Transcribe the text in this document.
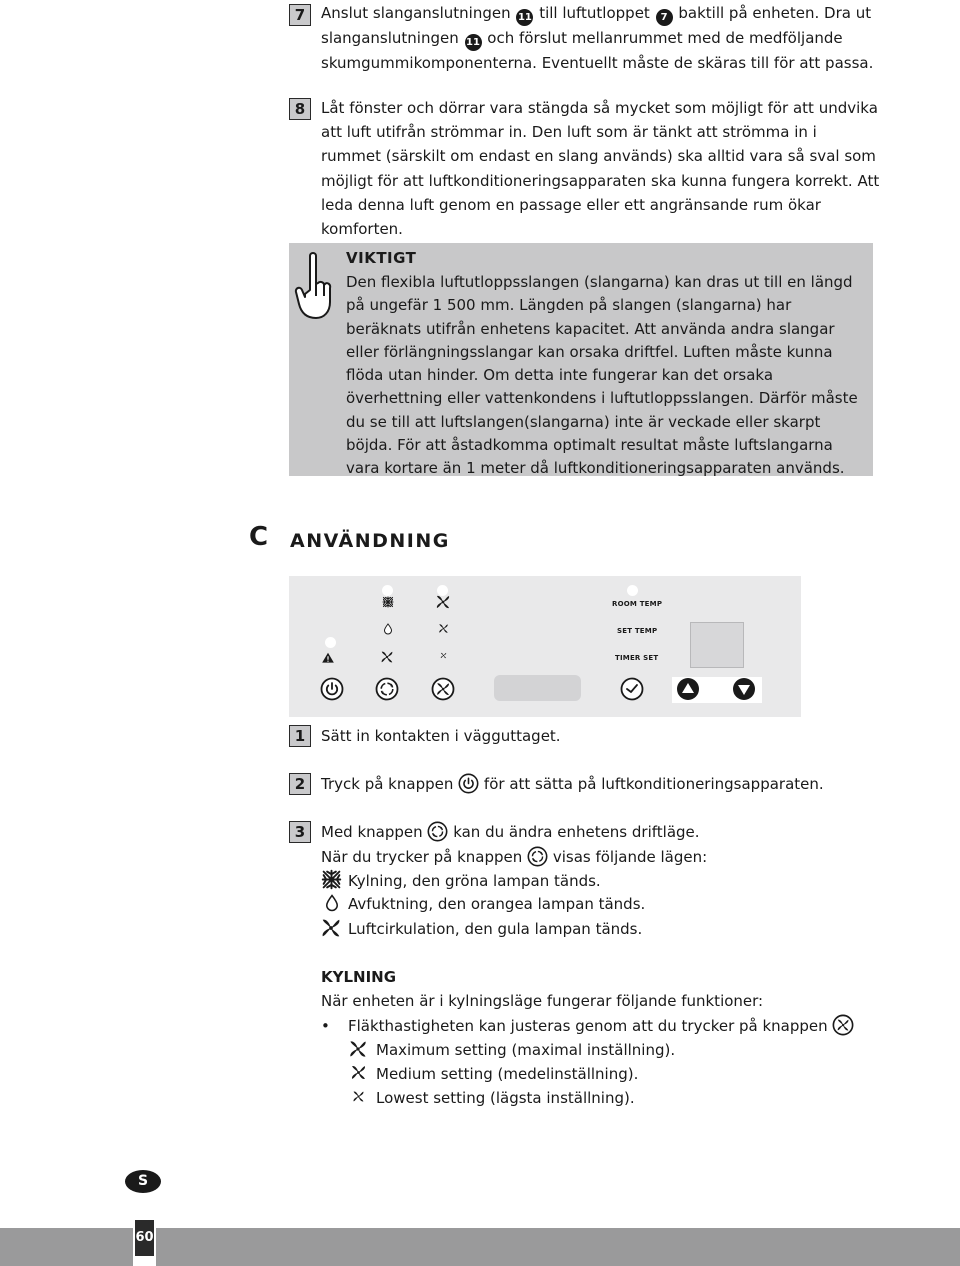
7	Anslut slanganslutningen 11 till luftutloppet 7 baktill på enheten. Dra ut slanganslutningen 11 och förslut mellanrummet med de medföljande skumgummikomponenterna. Eventuellt måste de skäras till för att passa.

8	Låt fönster och dörrar vara stängda så mycket som möjligt för att undvika att luft utifrån strömmar in. Den luft som är tänkt att strömma in i rummet (särskilt om endast en slang används) ska alltid vara så sval som möjligt för att luftkonditioneringsapparaten ska kunna fungera korrekt. Att leda denna luft genom en passage eller ett angränsande rum ökar komforten.

VIKTIGT

Den flexibla luftutloppsslangen (slangarna) kan dras ut till en längd på ungefär 1 500 mm. Längden på slangen (slangarna) har beräknats utifrån enhetens kapacitet. Att använda andra slangar eller förlängningsslangar kan orsaka driftfel. Luften måste kunna flöda utan hinder. Om detta inte fungerar kan det orsaka överhettning eller vattenkondens i luftutloppsslangen. Därför måste du se till att luftslangen(slangarna) inte är veckade eller skarpt böjda. För att åstadkomma optimalt resultat måste luftslangarna vara kortare än 1 meter då luftkonditioneringsapparaten används.

C ANVÄNDNING
ROOM TEMP
SET TEMP
TIMER SET
1	Sätt in kontakten i vägguttaget.
2	Tryck på knappen för att sätta på luftkonditioneringsapparaten.
3	Med knappen kan du ändra enhetens driftläge.
När du trycker på knappen visas följande lägen:
Kylning, den gröna lampan tänds.
Avfuktning, den orangea lampan tänds.
Luftcirkulation, den gula lampan tänds.
KYLNING
När enheten är i kylningsläge fungerar följande funktioner:
• Fläkthastigheten kan justeras genom att du trycker på knappen
Maximum setting (maximal inställning).
Medium setting (medelinställning).
Lowest setting (lägsta inställning).
S
60
